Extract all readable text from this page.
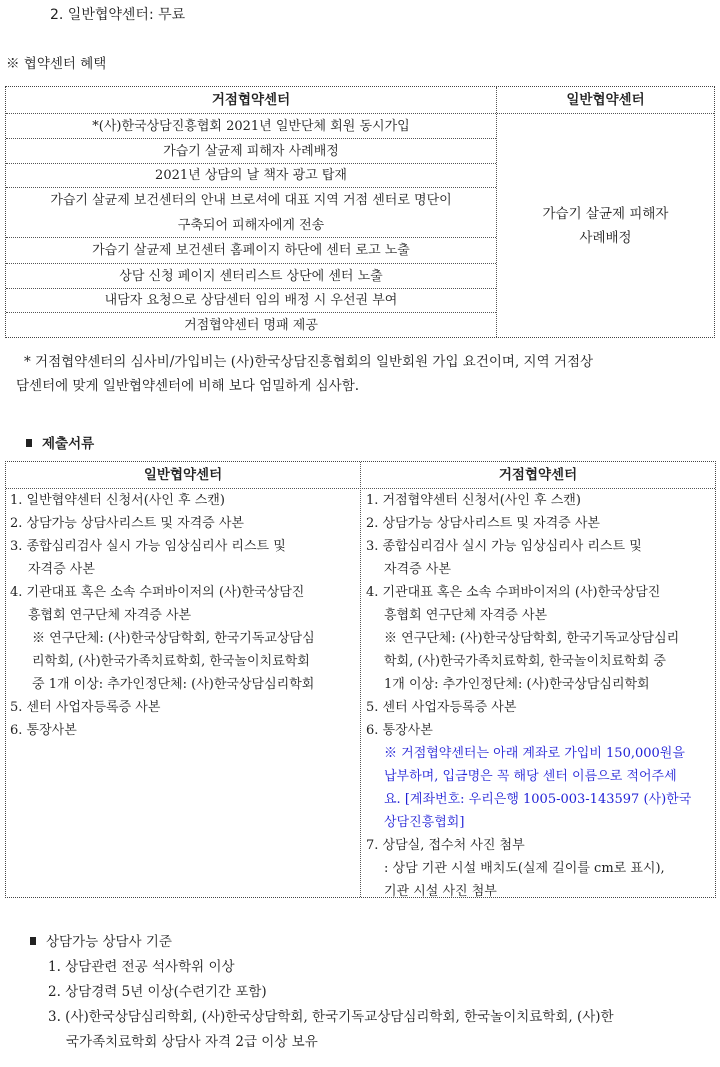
2. 일반협약센터: 무료
※ 협약센터 혜택
거점협약센터	일반협약센터
*(사)한국상담진흥협회 2021년 일반단체 회원 동시가입
가습기 살균제 피해자 사례배정
2021년 상담의 날 책자 광고 탑재
가습기 살균제 보건센터의 안내 브로셔에 대표 지역 거점 센터로 명단이
구축되어 피해자에게 전송
가습기 살균제 보건센터 홈페이지 하단에 센터 로고 노출
상담 신청 페이지 센터리스트 상단에 센터 노출
내담자 요청으로 상담센터 임의 배정 시 우선권 부여
거점협약센터 명패 제공
가습기 살균제 피해자
사례배정
* 거점협약센터의 심사비/가입비는 (사)한국상담진흥협회의 일반회원 가입 요건이며, 지역 거점상
담센터에 맞게 일반협약센터에 비해 보다 엄밀하게 심사함.
제출서류
일반협약센터	거점협약센터
1. 일반협약센터 신청서(사인 후 스캔)
2. 상담가능 상담사리스트 및 자격증 사본
3. 종합심리검사 실시 가능 임상심리사 리스트 및
자격증 사본
4. 기관대표 혹은 소속 수퍼바이저의 (사)한국상담진
흥협회 연구단체 자격증 사본
※ 연구단체: (사)한국상담학회, 한국기독교상담심
리학회, (사)한국가족치료학회, 한국놀이치료학회
중 1개 이상: 추가인정단체: (사)한국상담심리학회
5. 센터 사업자등록증 사본
6. 통장사본
1. 거점협약센터 신청서(사인 후 스캔)
2. 상담가능 상담사리스트 및 자격증 사본
3. 종합심리검사 실시 가능 임상심리사 리스트 및
자격증 사본
4. 기관대표 혹은 소속 수퍼바이저의 (사)한국상담진
흥협회 연구단체 자격증 사본
※ 연구단체: (사)한국상담학회, 한국기독교상담심리
학회, (사)한국가족치료학회, 한국놀이치료학회 중
1개 이상: 추가인정단체: (사)한국상담심리학회
5. 센터 사업자등록증 사본
6. 통장사본
※ 거점협약센터는 아래 계좌로 가입비 150,000원을
납부하며, 입금명은 꼭 해당 센터 이름으로 적어주세
요. [계좌번호: 우리은행 1005-003-143597 (사)한국
상담진흥협회]
7. 상담실, 접수처 사진 첨부
: 상담 기관 시설 배치도(실제 길이를 cm로 표시),
기관 시설 사진 첨부
상담가능 상담사 기준
1. 상담관련 전공 석사학위 이상
2. 상담경력 5년 이상(수련기간 포함)
3. (사)한국상담심리학회, (사)한국상담학회, 한국기독교상담심리학회, 한국놀이치료학회, (사)한
국가족치료학회 상담사 자격 2급 이상 보유
